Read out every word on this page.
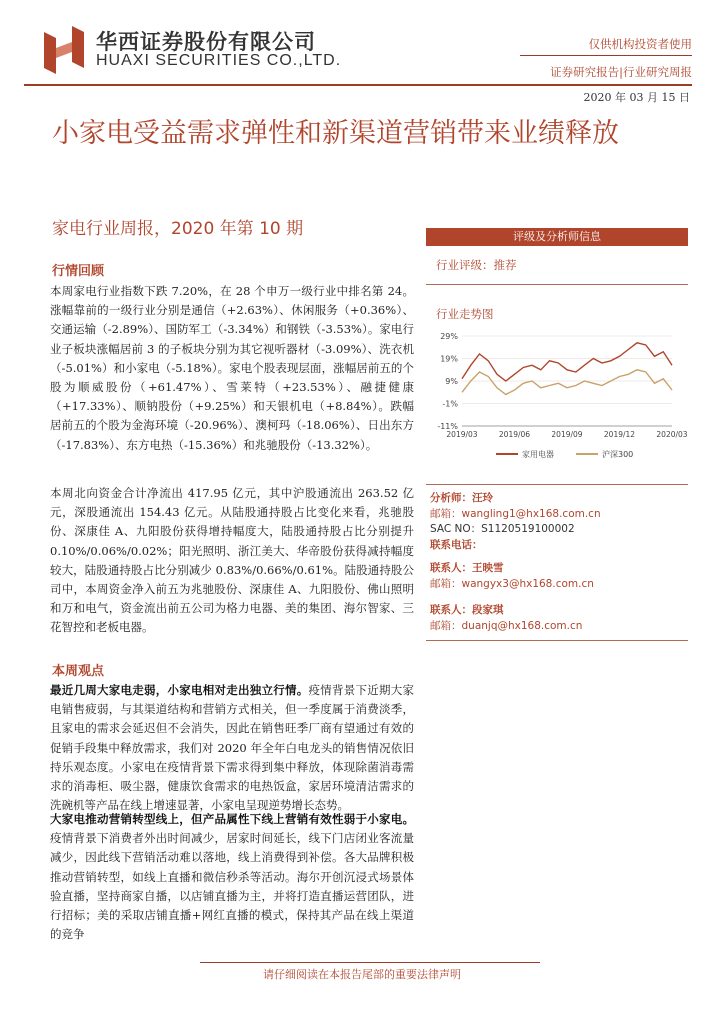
华西证券股份有限公司
HUAXI SECURITIES CO.,LTD.
仅供机构投资者使用
证券研究报告|行业研究周报
2020 年 03 月 15 日
小家电受益需求弹性和新渠道营销带来业绩释放
家电行业周报，2020 年第 10 期
行情回顾
本周家电行业指数下跌 7.20%，在 28 个申万一级行业中排名第 24。涨幅靠前的一级行业分别是通信（+2.63%）、休闲服务（+0.36%）、交通运输（-2.89%）、国防军工（-3.34%）和钢铁（-3.53%）。家电行业子板块涨幅居前 3 的子板块分别为其它视听器材（-3.09%）、洗衣机（-5.01%）和小家电（-5.18%）。家电个股表现层面，涨幅居前五的个股为顺威股份（+61.47%）、雪莱特（+23.53%）、融捷健康（+17.33%）、顺钠股份（+9.25%）和天银机电（+8.84%）。跌幅居前五的个股为金海环境（-20.96%）、澳柯玛（-18.06%）、日出东方（-17.83%）、东方电热（-15.36%）和兆驰股份（-13.32%）。
本周北向资金合计净流出 417.95 亿元，其中沪股通流出 263.52 亿元，深股通流出 154.43 亿元。从陆股通持股占比变化来看，兆驰股份、深康佳 A、九阳股份获得增持幅度大，陆股通持股占比分别提升 0.10%/0.06%/0.02%；阳光照明、浙江美大、华帝股份获得减持幅度较大，陆股通持股占比分别减少 0.83%/0.66%/0.61%。陆股通持股公司中，本周资金净入前五为兆驰股份、深康佳 A、九阳股份、佛山照明和万和电气，资金流出前五公司为格力电器、美的集团、海尔智家、三花智控和老板电器。
本周观点
最近几周大家电走弱，小家电相对走出独立行情。疫情背景下近期大家电销售疲弱，与其渠道结构和营销方式相关，但一季度属于消费淡季，且家电的需求会延迟但不会消失，因此在销售旺季厂商有望通过有效的促销手段集中释放需求，我们对 2020 年全年白电龙头的销售情况依旧持乐观态度。小家电在疫情背景下需求得到集中释放，体现除菌消毒需求的消毒柜、吸尘器，健康饮食需求的电热饭盒，家居环境清洁需求的洗碗机等产品在线上增速显著，小家电呈现逆势增长态势。
大家电推动营销转型线上，但产品属性下线上营销有效性弱于小家电。疫情背景下消费者外出时间减少，居家时间延长，线下门店闭业客流量减少，因此线下营销活动难以落地，线上消费得到补偿。各大品牌积极推动营销转型，如线上直播和微信秒杀等活动。海尔开创沉浸式场景体验直播，坚持商家自播，以店铺直播为主，并将打造直播运营团队，进行招标；美的采取店铺直播+网红直播的模式，保持其产品在线上渠道的竞争
评级及分析师信息
行业评级：推荐
行业走势图
29%
19%
9%
-1%
-11%
2019/03	2019/06	2019/09	2019/12	2020/03
家用电器	沪深300
分析师：汪玲
邮箱：wangling1@hx168.com.cn
SAC NO：S1120519100002
联系电话：
联系人：王映雪
邮箱：wangyx3@hx168.com.cn
联系人：段家琪
邮箱：duanjq@hx168.com.cn
请仔细阅读在本报告尾部的重要法律声明
